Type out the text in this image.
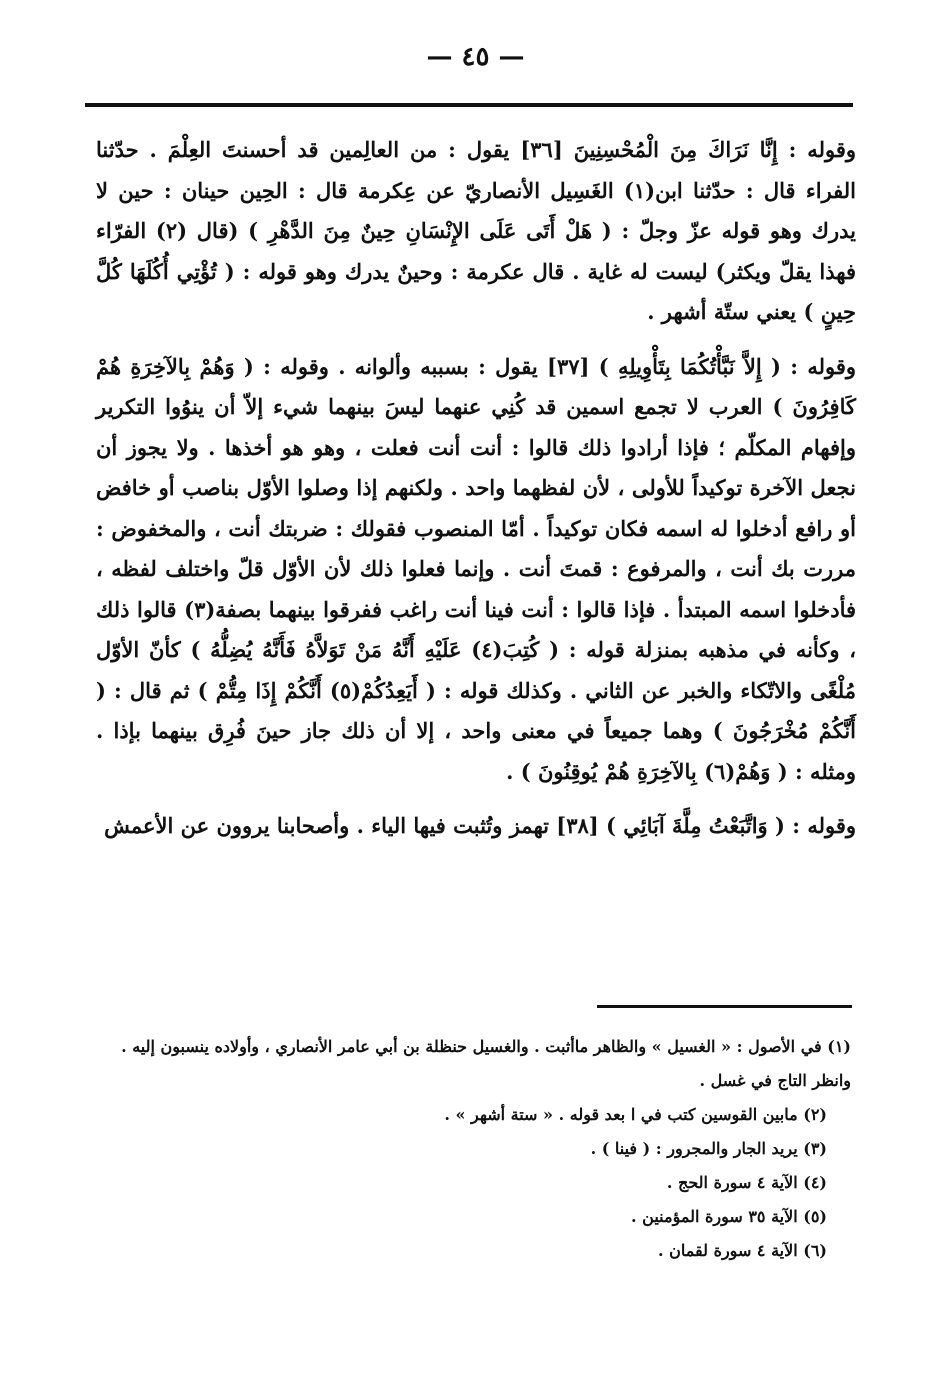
— ٤٥ —

وقوله : إِنَّا نَرَاكَ مِنَ الْمُحْسِنِينَ [٣٦] يقول : من العالِمين قد أحسنتَ العِلْمَ . حدّثنا الفراء قال : حدّثنا ابن(١) الغَسِيل الأنصاريّ عن عِكرمة قال : الحِين حينان : حين لا يدرك وهو قوله عزّ وجلّ : ( هَلْ أَتَى عَلَى الإِنْسَانِ حِينٌ مِنَ الدَّهْرِ ) (قال (٢) الفرّاء فهذا يقلّ ويكثر) ليست له غاية . قال عكرمة : وحينٌ يدرك وهو قوله : ( تُؤْتِي أُكُلَهَا كُلَّ حِينٍ ) يعني ستّة أشهر .

وقوله : ( إِلاَّ نَبَّأْتُكُمَا بِتَأْوِيلِهِ ) [٣٧] يقول : بسببه وألوانه . وقوله : ( وَهُمْ بِالآخِرَةِ هُمْ كَافِرُونَ ) العرب لا تجمع اسمين قد كُنِي عنهما ليسَ بينهما شيء إلاّ أن ينوُوا التكرير وإفهام المكلّم ؛ فإذا أرادوا ذلك قالوا : أنت أنت فعلت ، وهو هو أخذها . ولا يجوز أن نجعل الآخرة توكيداً للأولى ، لأن لفظهما واحد . ولكنهم إذا وصلوا الأوّل بناصب أو خافض أو رافع أدخلوا له اسمه فكان توكيداً . أمّا المنصوب فقولك : ضربتك أنت ، والمخفوض : مررت بك أنت ، والمرفوع : قمتَ أنت . وإنما فعلوا ذلك لأن الأوّل قلّ واختلف لفظه ، فأدخلوا اسمه المبتدأ . فإذا قالوا : أنت فينا أنت راغب ففرقوا بينهما بصفة(٣) قالوا ذلك ، وكأنه في مذهبه بمنزلة قوله : ( كُتِبَ(٤) عَلَيْهِ أَنَّهُ مَنْ تَوَلاَّهُ فَأَنَّهُ يُضِلُّهُ ) كأنّ الأوّل مُلْغًى والاتّكاء والخبر عن الثاني . وكذلك قوله : ( أَيَعِدُكُمْ(٥) أَنَّكُمْ إِذَا مِتُّمْ ) ثم قال : ( أَنَّكُمْ مُخْرَجُونَ ) وهما جميعاً في معنى واحد ، إلا أن ذلك جاز حينَ فُرِق بينهما بإذا . ومثله : ( وَهُمْ(٦) بِالآخِرَةِ هُمْ يُوقِنُونَ ) .

وقوله : ( وَاتَّبَعْتُ مِلَّةَ آبَائِي ) [٣٨] تهمز وتُثبت فيها الياء . وأصحابنا يروون عن الأعمش

(١) في الأصول : « الغسيل » والظاهر ماأثبت . والغسيل حنظلة بن أبي عامر الأنصاري ، وأولاده ينسبون إليه .
وانظر التاج في غسل .
(٢) مابين القوسين كتب في ا بعد قوله . « ستة أشهر » .
(٣) يريد الجار والمجرور : ( فينا ) .
(٤) الآية ٤ سورة الحج .
(٥) الآية ٣٥ سورة المؤمنين .
(٦) الآية ٤ سورة لقمان .
